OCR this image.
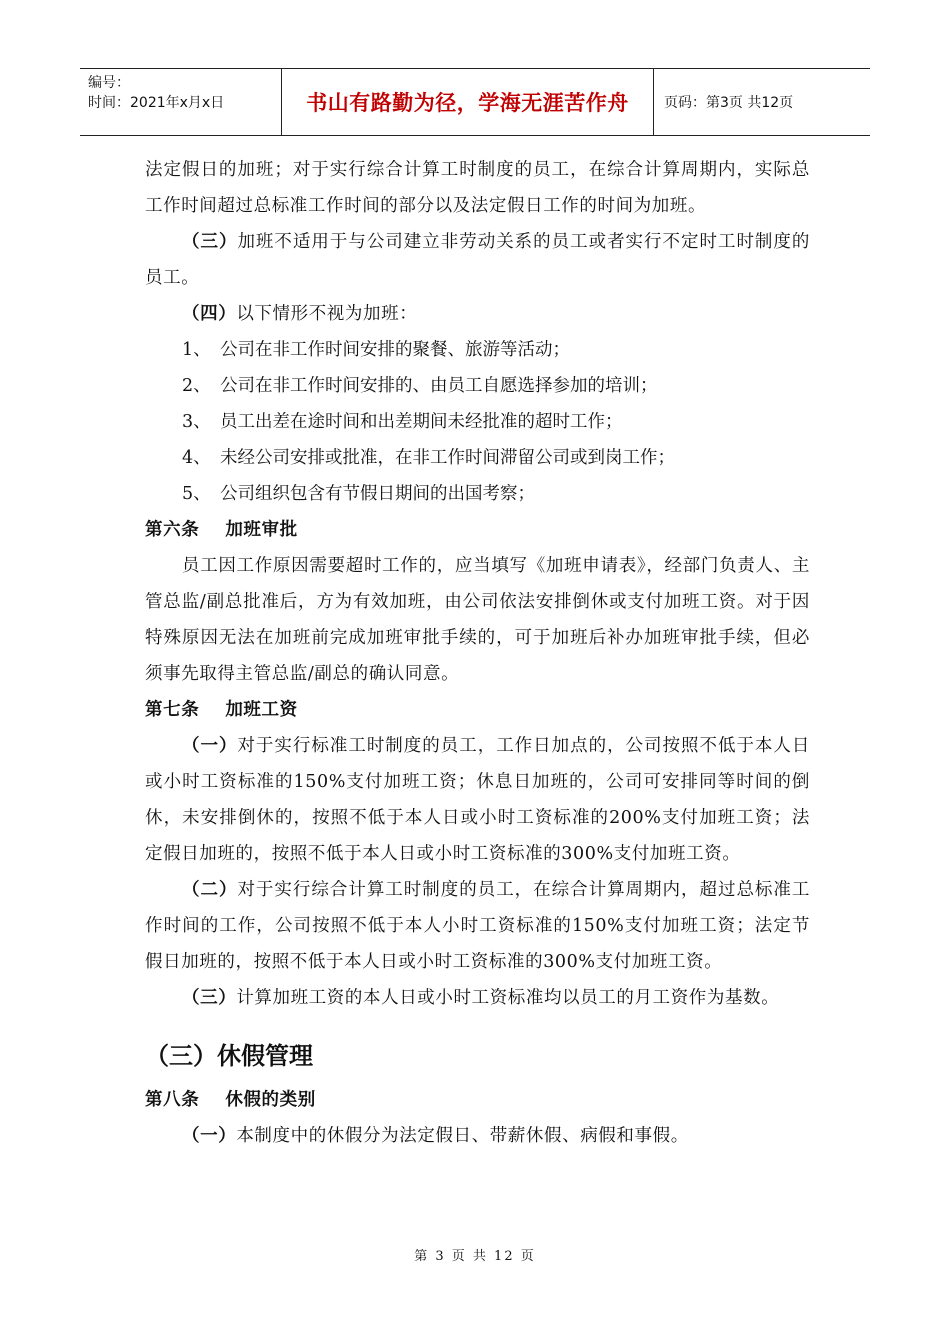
编号：
时间：2021年x月x日	书山有路勤为径，学海无涯苦作舟	页码：第3页 共12页

法定假日的加班；对于实行综合计算工时制度的员工，在综合计算周期内，实际总工作时间超过总标准工作时间的部分以及法定假日工作的时间为加班。

（三）加班不适用于与公司建立非劳动关系的员工或者实行不定时工时制度的员工。

（四）以下情形不视为加班：

1、 公司在非工作时间安排的聚餐、旅游等活动；
2、 公司在非工作时间安排的、由员工自愿选择参加的培训；
3、 员工出差在途时间和出差期间未经批准的超时工作；
4、 未经公司安排或批准，在非工作时间滞留公司或到岗工作；
5、 公司组织包含有节假日期间的出国考察；

第六条 加班审批

员工因工作原因需要超时工作的，应当填写《加班申请表》，经部门负责人、主管总监/副总批准后，方为有效加班，由公司依法安排倒休或支付加班工资。对于因特殊原因无法在加班前完成加班审批手续的，可于加班后补办加班审批手续，但必须事先取得主管总监/副总的确认同意。

第七条 加班工资

（一）对于实行标准工时制度的员工，工作日加点的，公司按照不低于本人日或小时工资标准的150%支付加班工资；休息日加班的，公司可安排同等时间的倒休，未安排倒休的，按照不低于本人日或小时工资标准的200%支付加班工资；法定假日加班的，按照不低于本人日或小时工资标准的300%支付加班工资。

（二）对于实行综合计算工时制度的员工，在综合计算周期内，超过总标准工作时间的工作，公司按照不低于本人小时工资标准的150%支付加班工资；法定节假日加班的，按照不低于本人日或小时工资标准的300%支付加班工资。

（三）计算加班工资的本人日或小时工资标准均以员工的月工资作为基数。

（三）休假管理

第八条 休假的类别

（一）本制度中的休假分为法定假日、带薪休假、病假和事假。

第 3 页 共 12 页
